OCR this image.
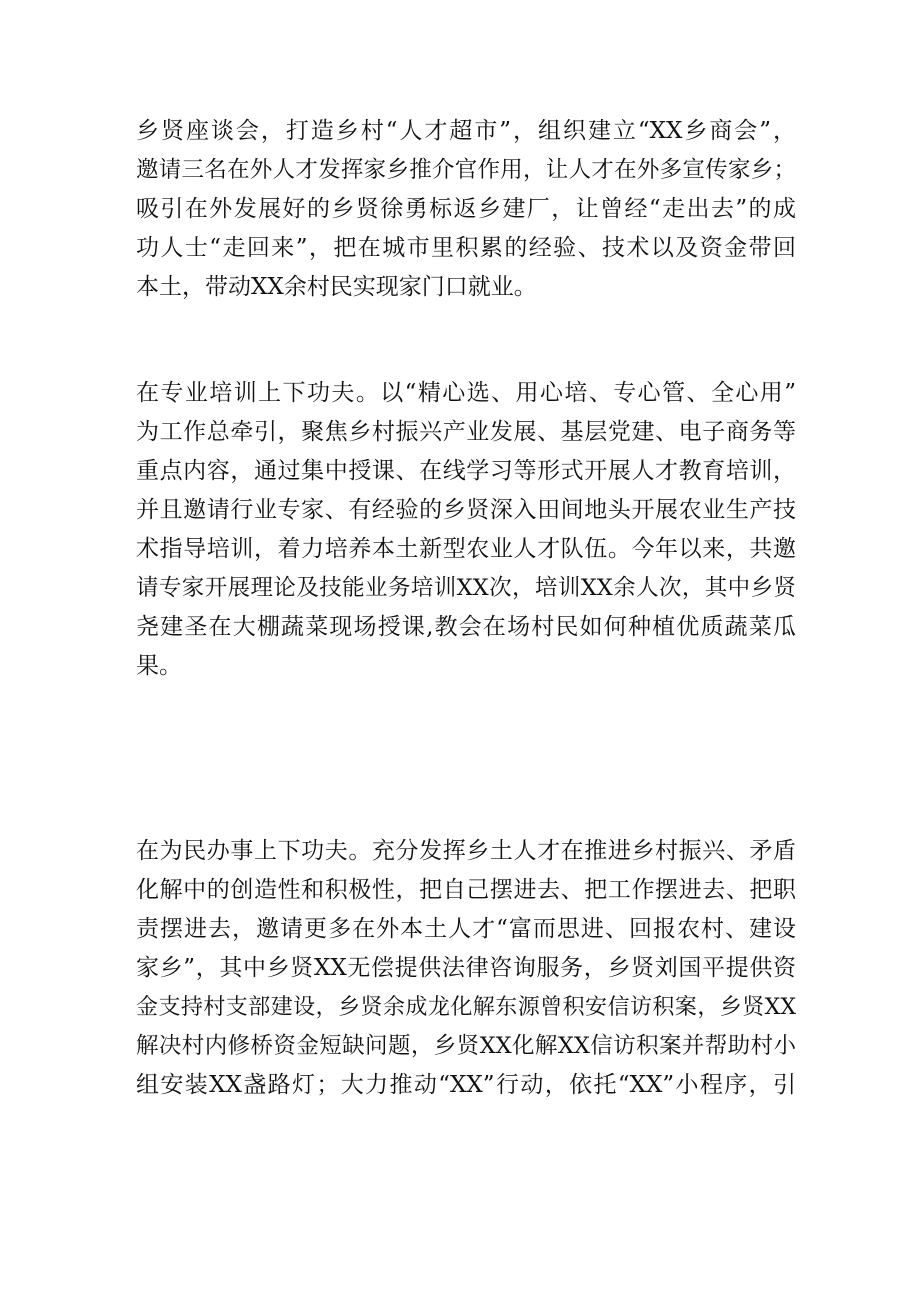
乡贤座谈会，打造乡村“人才超市”，组织建立“XX乡商会”，
邀请三名在外人才发挥家乡推介官作用，让人才在外多宣传家乡；
吸引在外发展好的乡贤徐勇标返乡建厂，让曾经“走出去”的成
功人士“走回来”，把在城市里积累的经验、技术以及资金带回
本土，带动XX余村民实现家门口就业。
在专业培训上下功夫。以“精心选、用心培、专心管、全心用”
为工作总牵引，聚焦乡村振兴产业发展、基层党建、电子商务等
重点内容，通过集中授课、在线学习等形式开展人才教育培训，
并且邀请行业专家、有经验的乡贤深入田间地头开展农业生产技
术指导培训，着力培养本土新型农业人才队伍。今年以来，共邀
请专家开展理论及技能业务培训XX次，培训XX余人次，其中乡贤
尧建圣在大棚蔬菜现场授课,教会在场村民如何种植优质蔬菜瓜
果。
在为民办事上下功夫。充分发挥乡土人才在推进乡村振兴、矛盾
化解中的创造性和积极性，把自己摆进去、把工作摆进去、把职
责摆进去，邀请更多在外本土人才“富而思进、回报农村、建设
家乡”，其中乡贤XX无偿提供法律咨询服务，乡贤刘国平提供资
金支持村支部建设，乡贤余成龙化解东源曾积安信访积案，乡贤XX
解决村内修桥资金短缺问题，乡贤XX化解XX信访积案并帮助村小
组安装XX盏路灯；大力推动“XX”行动，依托“XX”小程序，引
